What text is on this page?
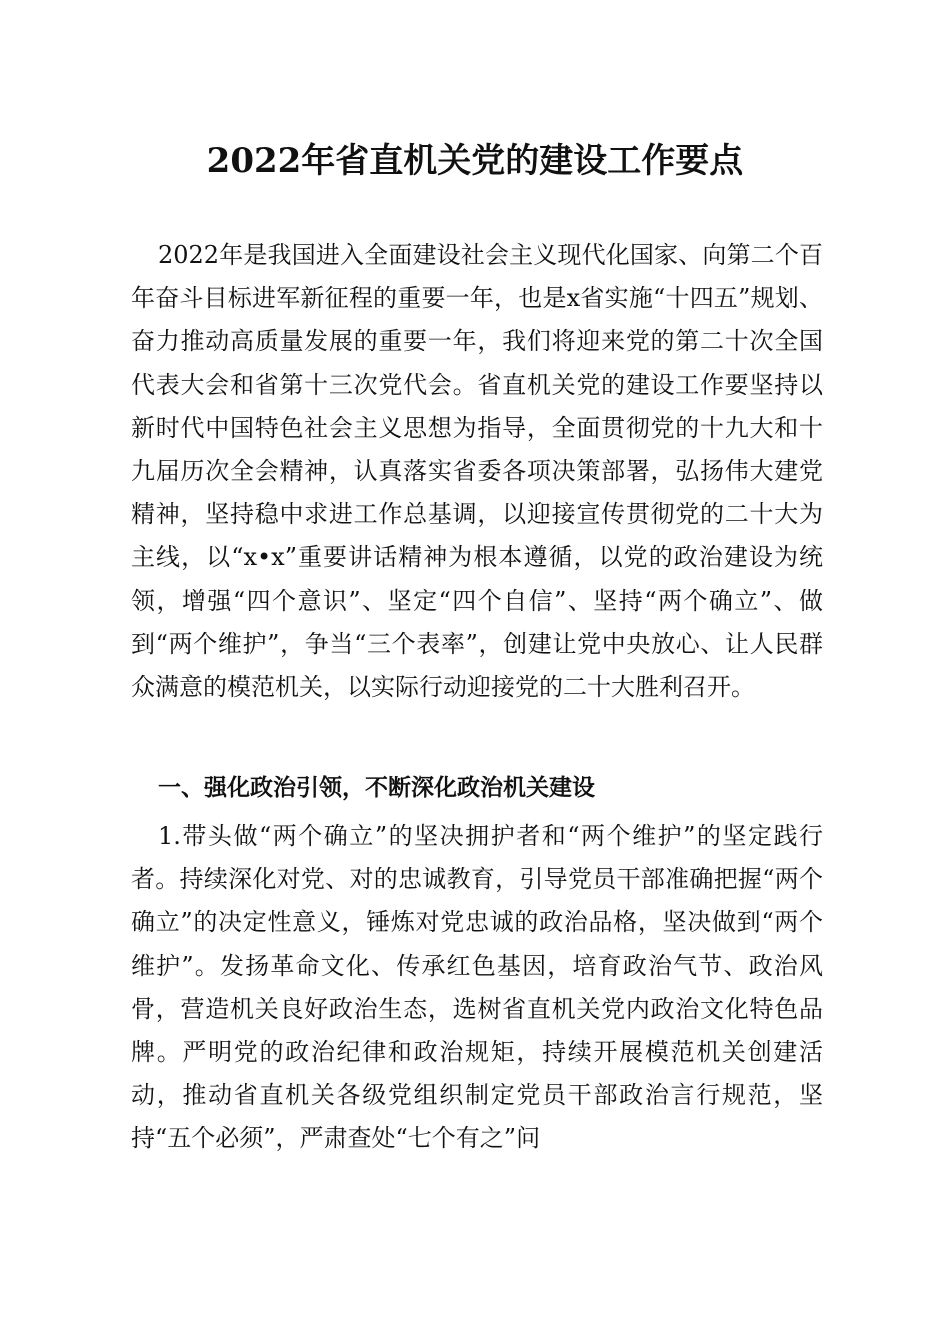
2022年省直机关党的建设工作要点

2022年是我国进入全面建设社会主义现代化国家、向第二个百年奋斗目标进军新征程的重要一年，也是x省实施“十四五”规划、奋力推动高质量发展的重要一年，我们将迎来党的第二十次全国代表大会和省第十三次党代会。省直机关党的建设工作要坚持以新时代中国特色社会主义思想为指导，全面贯彻党的十九大和十九届历次全会精神，认真落实省委各项决策部署，弘扬伟大建党精神，坚持稳中求进工作总基调，以迎接宣传贯彻党的二十大为主线，以“x•x”重要讲话精神为根本遵循，以党的政治建设为统领，增强“四个意识”、坚定“四个自信”、坚持“两个确立”、做到“两个维护”，争当“三个表率”，创建让党中央放心、让人民群众满意的模范机关，以实际行动迎接党的二十大胜利召开。

一、强化政治引领，不断深化政治机关建设

1.带头做“两个确立”的坚决拥护者和“两个维护”的坚定践行者。持续深化对党、对的忠诚教育，引导党员干部准确把握“两个确立”的决定性意义，锤炼对党忠诚的政治品格，坚决做到“两个维护”。发扬革命文化、传承红色基因，培育政治气节、政治风骨，营造机关良好政治生态，选树省直机关党内政治文化特色品牌。严明党的政治纪律和政治规矩，持续开展模范机关创建活动，推动省直机关各级党组织制定党员干部政治言行规范，坚持“五个必须”，严肃查处“七个有之”问
